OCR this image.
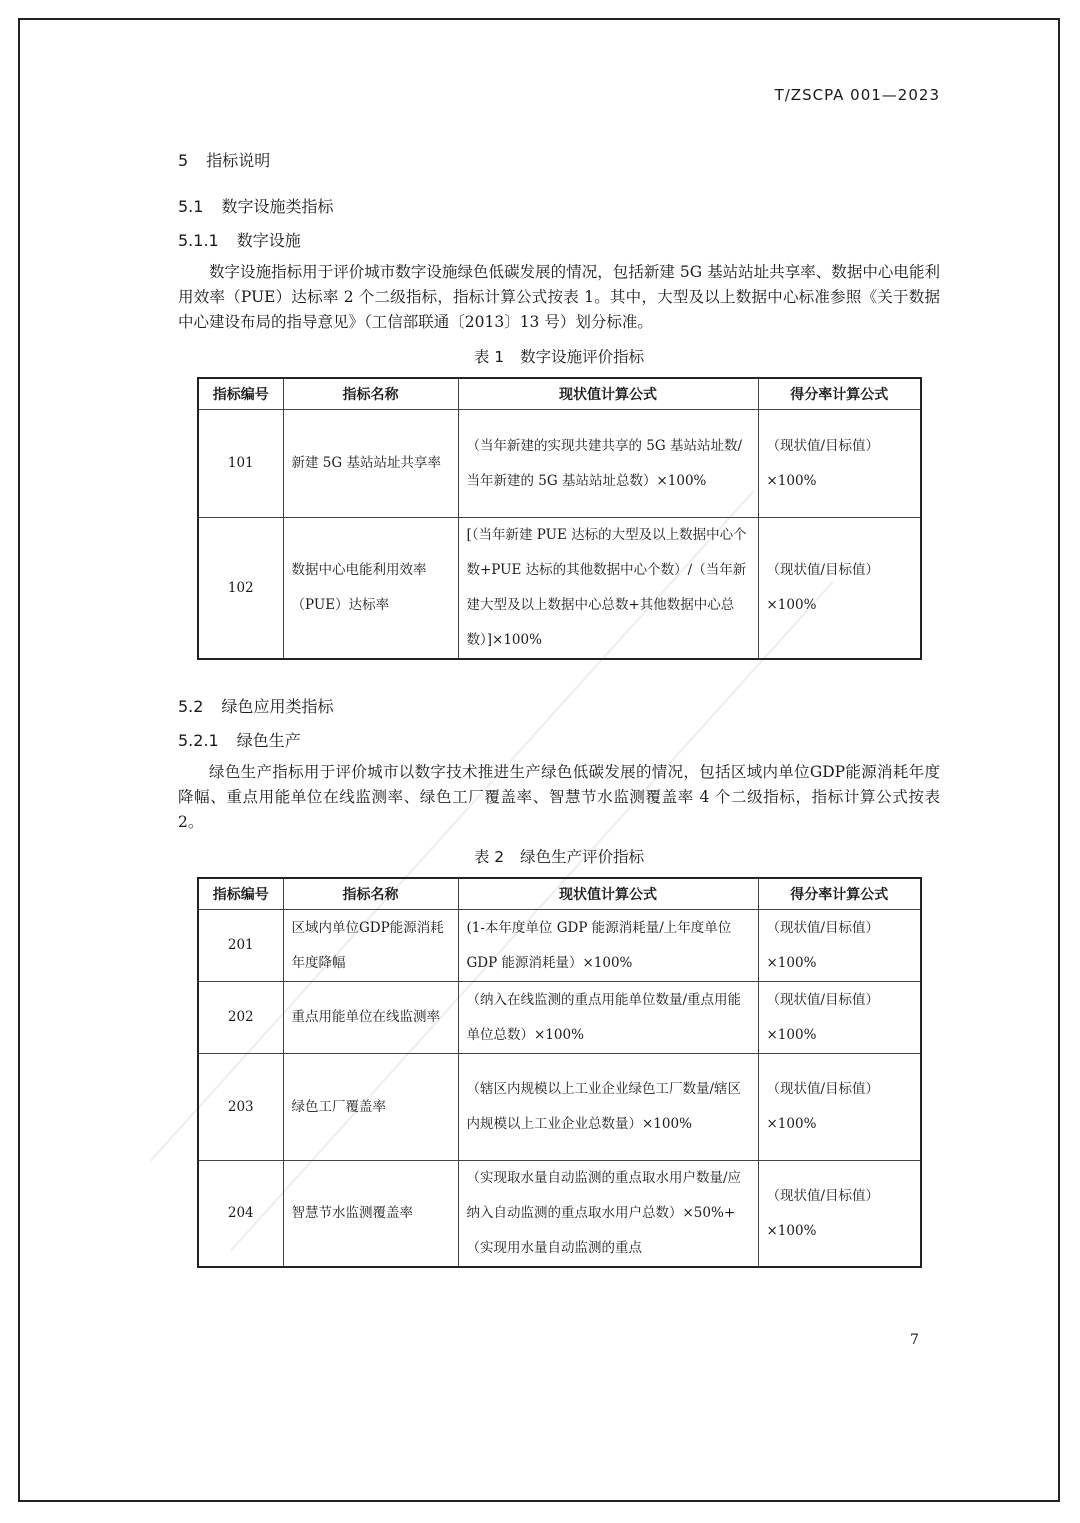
T/ZSCPA 001—2023
5 指标说明
5.1 数字设施类指标
5.1.1 数字设施
数字设施指标用于评价城市数字设施绿色低碳发展的情况，包括新建 5G 基站站址共享率、数据中心电能利用效率（PUE）达标率 2 个二级指标，指标计算公式按表 1。其中，大型及以上数据中心标准参照《关于数据中心建设布局的指导意见》（工信部联通〔2013〕13 号）划分标准。
表 1 数字设施评价指标
指标编号	指标名称	现状值计算公式	得分率计算公式
101	新建 5G 基站站址共享率	（当年新建的实现共建共享的 5G 基站站址数/当年新建的 5G 基站站址总数）×100%	（现状值/目标值）×100%
102	数据中心电能利用效率（PUE）达标率	[（当年新建 PUE 达标的大型及以上数据中心个数+PUE 达标的其他数据中心个数）/（当年新建大型及以上数据中心总数+其他数据中心总数）]×100%	（现状值/目标值）×100%
5.2 绿色应用类指标
5.2.1 绿色生产
绿色生产指标用于评价城市以数字技术推进生产绿色低碳发展的情况，包括区域内单位GDP能源消耗年度降幅、重点用能单位在线监测率、绿色工厂覆盖率、智慧节水监测覆盖率 4 个二级指标，指标计算公式按表 2。
表 2 绿色生产评价指标
指标编号	指标名称	现状值计算公式	得分率计算公式
201	区域内单位GDP能源消耗年度降幅	(1-本年度单位 GDP 能源消耗量/上年度单位 GDP 能源消耗量）×100%	（现状值/目标值）×100%
202	重点用能单位在线监测率	（纳入在线监测的重点用能单位数量/重点用能单位总数）×100%	（现状值/目标值）×100%
203	绿色工厂覆盖率	（辖区内规模以上工业企业绿色工厂数量/辖区内规模以上工业企业总数量）×100%	（现状值/目标值）×100%
204	智慧节水监测覆盖率	（实现取水量自动监测的重点取水用户数量/应纳入自动监测的重点取水用户总数）×50%+（实现用水量自动监测的重点	（现状值/目标值）×100%
7
